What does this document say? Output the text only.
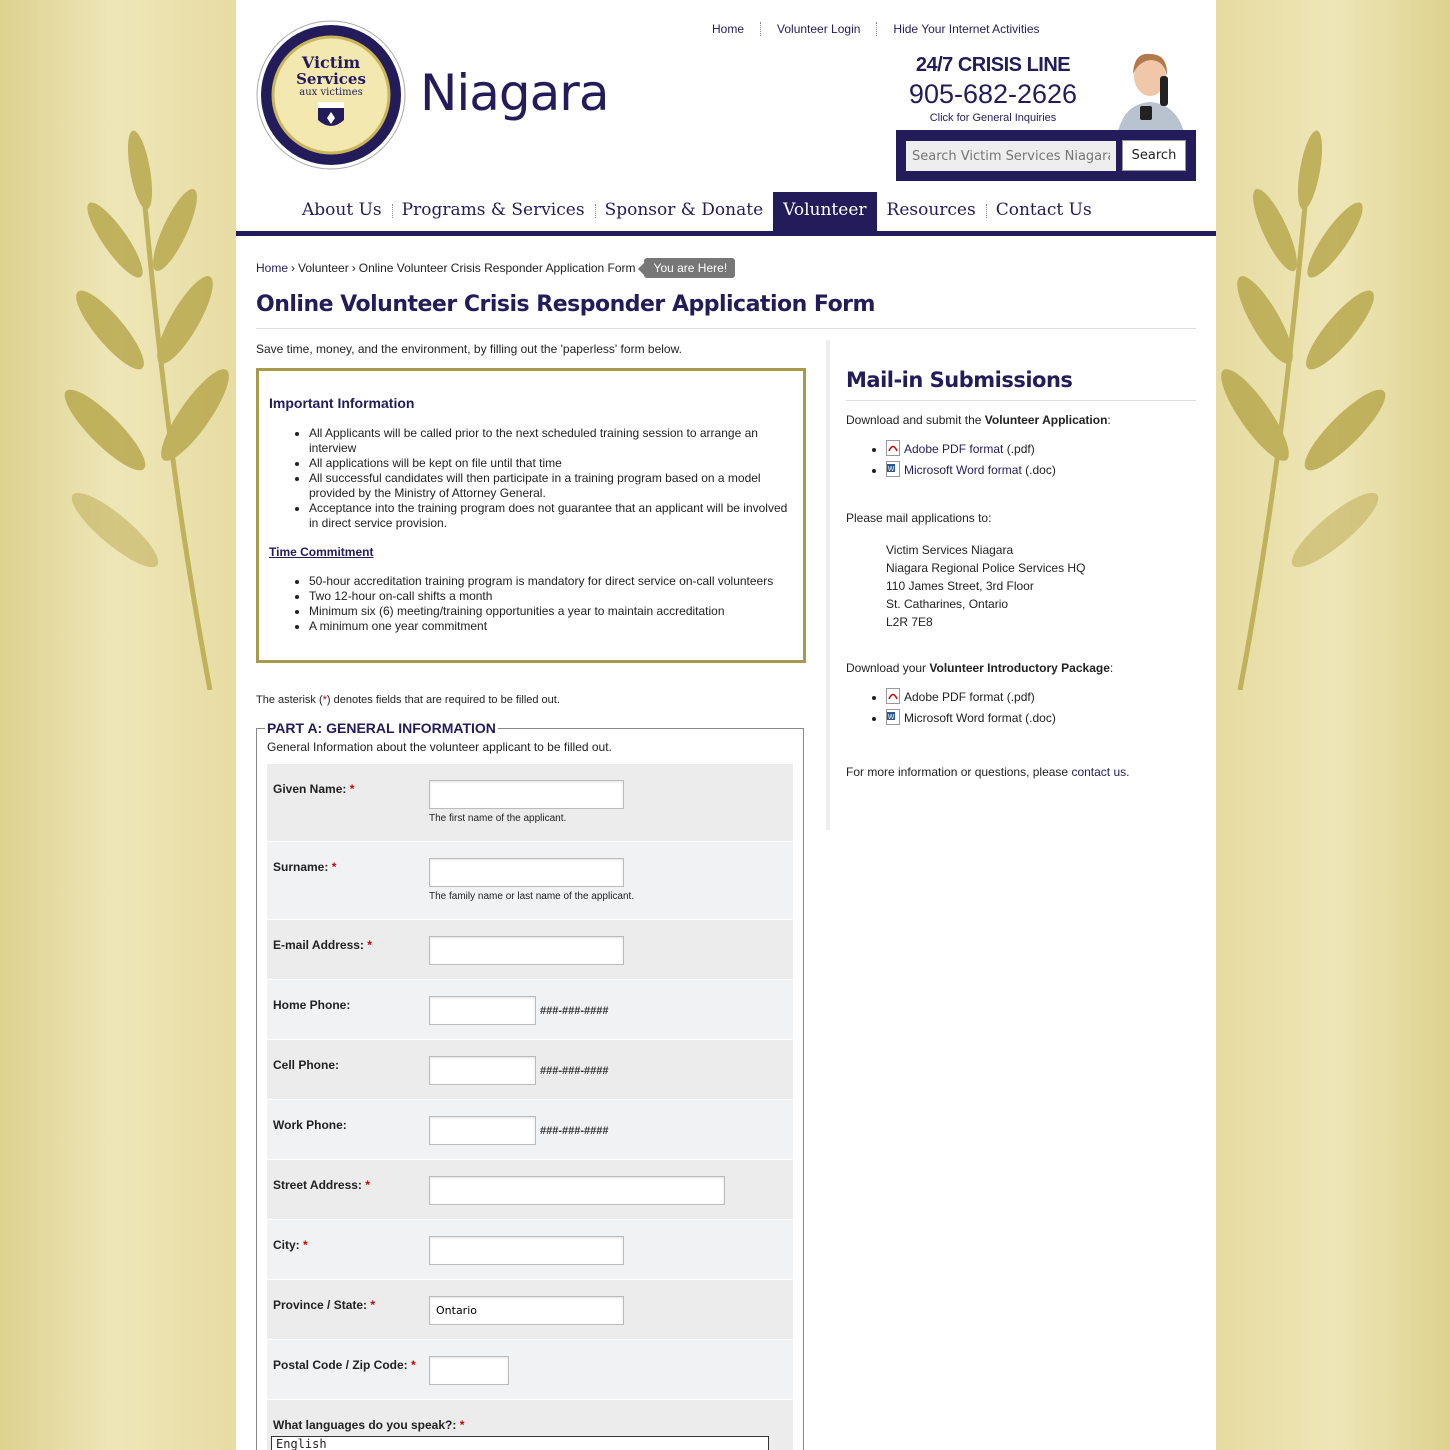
Victim
Services
aux victimes Niagara
Home	Volunteer Login	Hide Your Internet Activities
24/7 CRISIS LINE
905-682-2626
Click for General Inquiries
Search Victim Services Niagara
Search
About Us	Programs & Services	Sponsor & Donate	Volunteer	Resources	Contact Us
Home › Volunteer › Online Volunteer Crisis Responder Application Form	You are Here!
Online Volunteer Crisis Responder Application Form

Save time, money, and the environment, by filling out the 'paperless' form below.

Important Information
• All Applicants will be called prior to the next scheduled training session to arrange an interview
• All applications will be kept on file until that time
• All successful candidates will then participate in a training program based on a model provided by the Ministry of Attorney General.
• Acceptance into the training program does not guarantee that an applicant will be involved in direct service provision.
Time Commitment
• 50-hour accreditation training program is mandatory for direct service on-call volunteers
• Two 12-hour on-call shifts a month
• Minimum six (6) meeting/training opportunities a year to maintain accreditation
• A minimum one year commitment

The asterisk (*) denotes fields that are required to be filled out.

PART A: GENERAL INFORMATION

General Information about the volunteer applicant to be filled out.

Given Name: *
The first name of the applicant.
Surname: *
The family name or last name of the applicant.
E-mail Address: *
Home Phone:	###-###-####
Cell Phone:	###-###-####
Work Phone:	###-###-####
Street Address: *
City: *
Province / State: *
Ontario
Postal Code / Zip Code: *
What languages do you speak?: *
English
Mail-in Submissions

Download and submit the Volunteer Application:

• Adobe PDF format (.pdf)
• W Microsoft Word format (.doc)

Please mail applications to:

Victim Services Niagara
Niagara Regional Police Services HQ
110 James Street, 3rd Floor
St. Catharines, Ontario
L2R 7E8

Download your Volunteer Introductory Package:

• Adobe PDF format (.pdf)
• W Microsoft Word format (.doc)

For more information or questions, please contact us.
